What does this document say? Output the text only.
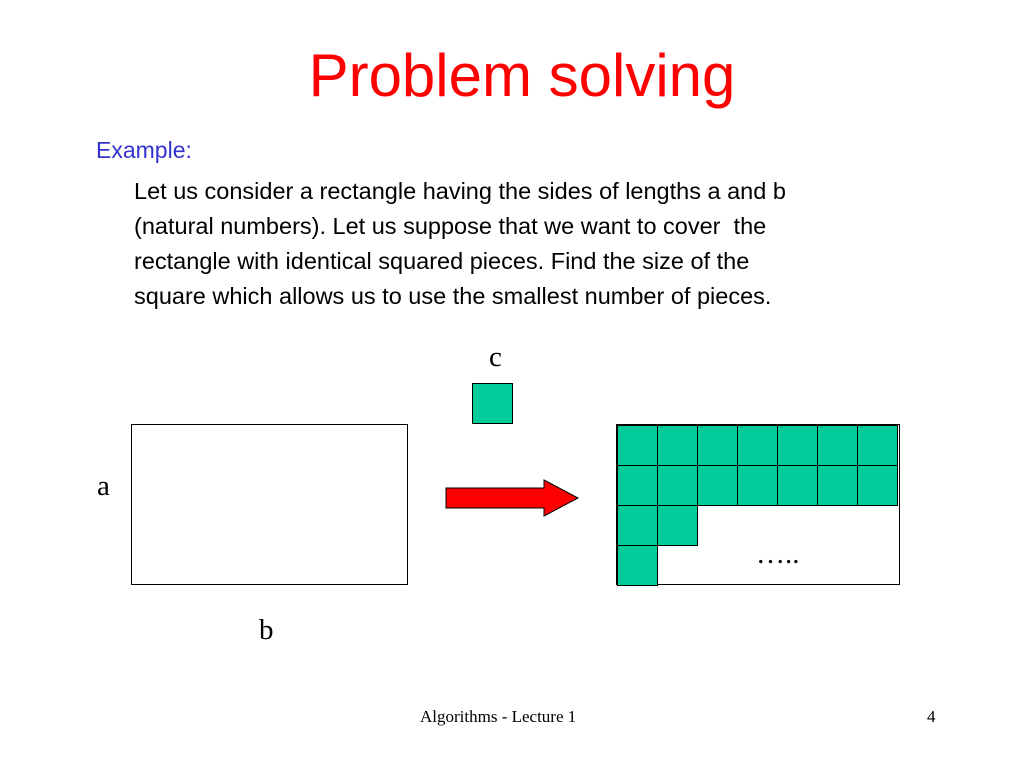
Problem solving
Example:
Let us consider a rectangle having the sides of lengths a and b
(natural numbers). Let us suppose that we want to cover  the
rectangle with identical squared pieces. Find the size of the
square which allows us to use the smallest number of pieces.
c
a
b
…..
Algorithms - Lecture 1	4
